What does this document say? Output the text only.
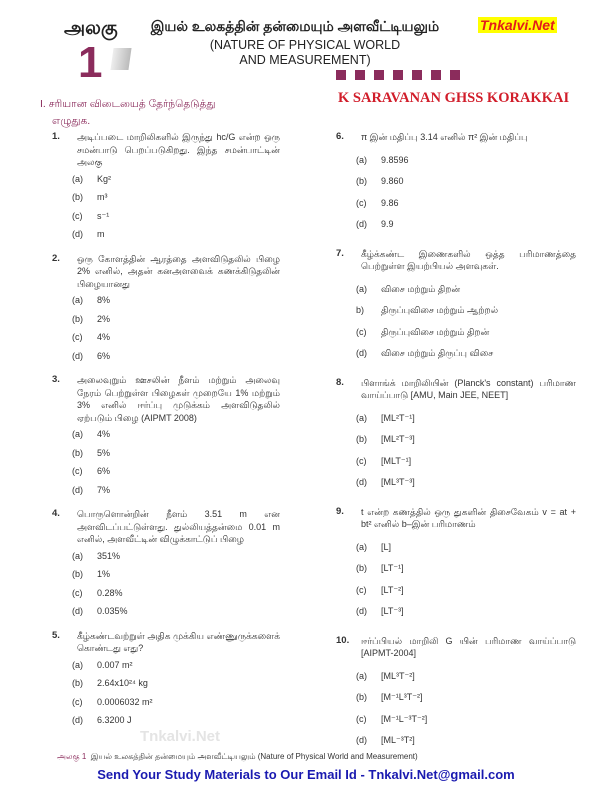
அலகு
1
இயல் உலகத்தின் தன்மையும் அளவீட்டியலும்
(NATURE OF PHYSICAL WORLD AND MEASUREMENT)
Tnkalvi.Net
K SARAVANAN GHSS KORAKKAI
I. சரியான விடையைத் தேர்ந்தெடுத்து
எழுதுக.
1.	அடிப்படை மாறிலிகளில் இருந்து hc/G என்ற ஒரு சமன்பாடு பெறப்படுகிறது. இந்த சமன்பாட்டின் அலகு
(a)	Kg²
(b)	m³
(c)	s⁻¹
(d)	m
2.	ஒரு கோளத்தின் ஆரத்தை அளவிடுதலில் பிழை 2% எனில், அதன் கனஅளவைக் கணக்கிடுதலின் பிழையானது
(a)	8%
(b)	2%
(c)	4%
(d)	6%
3.	அலைவுறும் ஊசலின் நீளம் மற்றும் அலைவு நேரம் பெற்றுள்ள பிழைகள் முறையே 1% மற்றும் 3% எனில் ஈர்ப்பு முடுக்கம் அளவிடுதலில் ஏற்படும் பிழை (AIPMT 2008)
(a)	4%
(b)	5%
(c)	6%
(d)	7%
4.	பொருளொன்றின் நீளம் 3.51 m என அளவிடப்பட்டுள்ளது. துல்லியத்தன்மை 0.01 m எனில், அளவீட்டின் விழுக்காட்டுப் பிழை
(a)	351%
(b)	1%
(c)	0.28%
(d)	0.035%
5.	கீழ்கண்டவற்றுள் அதிக முக்கிய எண்ணுருக்களைக் கொண்டது எது?
(a)	0.007 m²
(b)	2.64x10²⁴ kg
(c)	0.0006032 m²
(d)	6.3200 J
6.	π இன் மதிப்பு 3.14 எனில் π² இன் மதிப்பு
(a)	9.8596
(b)	9.860
(c)	9.86
(d)	9.9
7.	கீழ்க்கண்ட இணைகளில் ஒத்த பரிமாணத்தை பெற்றுள்ள இயற்பியல் அளவுகள்.
(a)	விசை மற்றும் திறன்
b)	திருப்புவிசை மற்றும் ஆற்றல்
(c)	திருப்புவிசை மற்றும் திறன்
(d)	விசை மற்றும் திருப்பு விசை
8.	பிளாங்க் மாறிலியின் (Planck's constant) பரிமாண வாய்ப்பாடு [AMU, Main JEE, NEET]
(a)	[ML²T⁻¹]
(b)	[ML²T⁻³]
(c)	[MLT⁻¹]
(d)	[ML³T⁻³]
9.	t என்ற கணத்தில் ஒரு துகளின் திசைவேகம் v = at + bt² எனில் b–இன் பரிமாணம்
(a)	[L]
(b)	[LT⁻¹]
(c)	[LT⁻²]
(d)	[LT⁻³]
10.	ஈர்ப்பியல் மாறிலி G யின் பரிமாண வாய்ப்பாடு [AIPMT-2004]
(a)	[ML³T⁻²]
(b)	[M⁻¹L³T⁻²]
(c)	[M⁻¹L⁻³T⁻²]
(d)	[ML⁻³T²]
Tnkalvi.Net
அலகு 1 இயல் உலகத்தின் தன்மையும் அளவீட்டியலும் (Nature of Physical World and Measurement)
Send Your Study Materials to Our Email Id - Tnkalvi.Net@gmail.com
